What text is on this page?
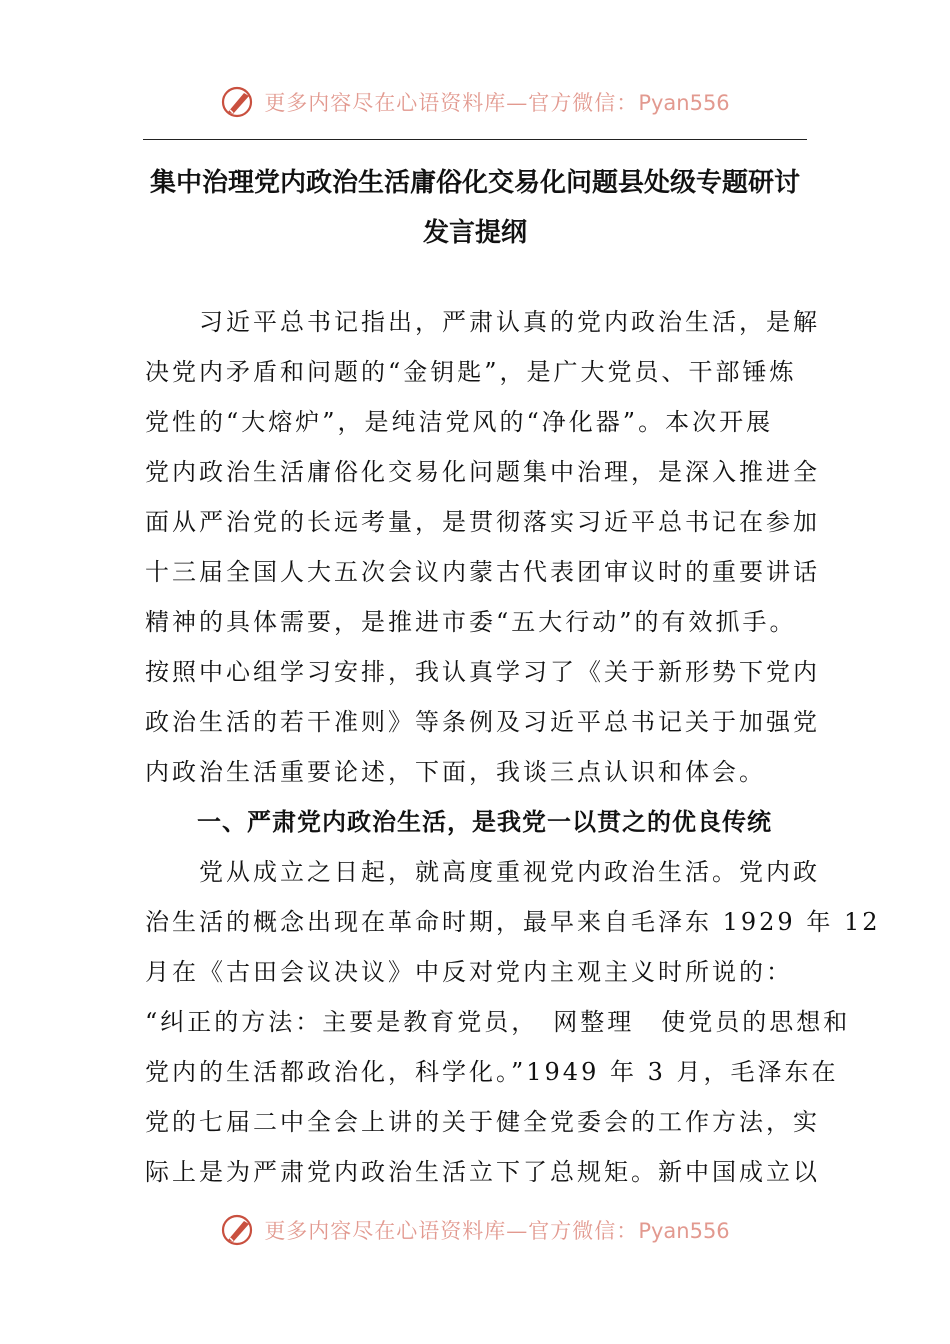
更多内容尽在心语资料库—官方微信：Pyan556
集中治理党内政治生活庸俗化交易化问题县处级专题研讨
发言提纲
　　习近平总书记指出，严肃认真的党内政治生活，是解
决党内矛盾和问题的“金钥匙”，是广大党员、干部锤炼
党性的“大熔炉”，是纯洁党风的“净化器”。本次开展
党内政治生活庸俗化交易化问题集中治理，是深入推进全
面从严治党的长远考量，是贯彻落实习近平总书记在参加
十三届全国人大五次会议内蒙古代表团审议时的重要讲话
精神的具体需要，是推进市委“五大行动”的有效抓手。
按照中心组学习安排，我认真学习了《关于新形势下党内
政治生活的若干准则》等条例及习近平总书记关于加强党
内政治生活重要论述，下面，我谈三点认识和体会。
一、严肃党内政治生活，是我党一以贯之的优良传统
　　党从成立之日起，就高度重视党内政治生活。党内政
治生活的概念出现在革命时期，最早来自毛泽东 1929 年 12
月在《古田会议决议》中反对党内主观主义时所说的：
“纠正的方法：主要是教育党员，　网整理　使党员的思想和
党内的生活都政治化，科学化。”1949 年 3 月，毛泽东在
党的七届二中全会上讲的关于健全党委会的工作方法，实
际上是为严肃党内政治生活立下了总规矩。新中国成立以
更多内容尽在心语资料库—官方微信：Pyan556
